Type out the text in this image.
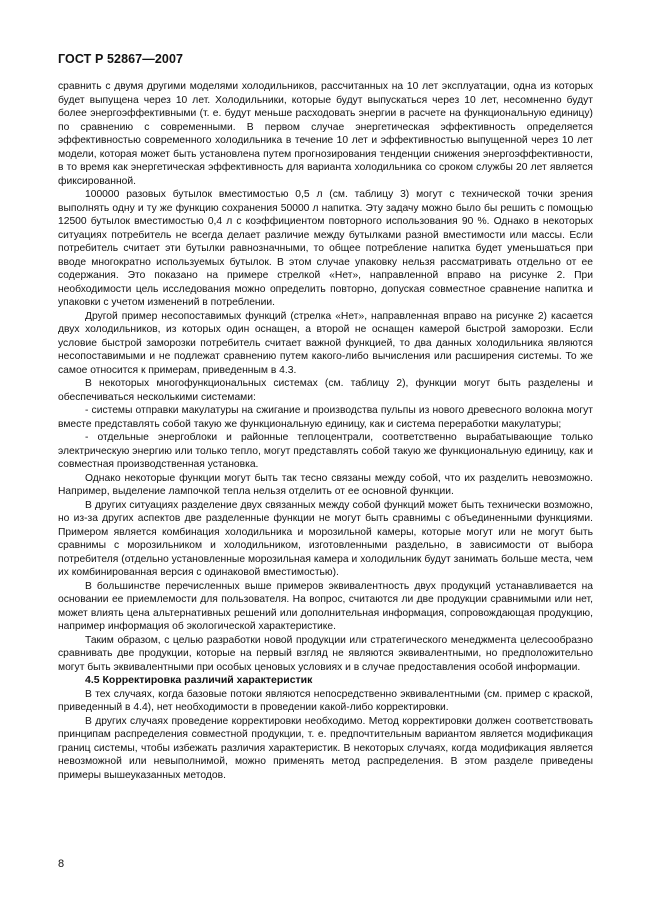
ГОСТ Р 52867—2007

сравнить с двумя другими моделями холодильников, рассчитанных на 10 лет эксплуатации, одна из которых будет выпущена через 10 лет. Холодильники, которые будут выпускаться через 10 лет, несомненно будут более энергоэффективными (т. е. будут меньше расходовать энергии в расчете на функциональную единицу) по сравнению с современными. В первом случае энергетическая эффективность определяется эффективностью современного холодильника в течение 10 лет и эффективностью выпущенной через 10 лет модели, которая может быть установлена путем прогнозирования тенденции снижения энергоэффективности, в то время как энергетическая эффективность для варианта холодильника со сроком службы 20 лет является фиксированной.

100000 разовых бутылок вместимостью 0,5 л (см. таблицу 3) могут с технической точки зрения выполнять одну и ту же функцию сохранения 50000 л напитка. Эту задачу можно было бы решить с помощью 12500 бутылок вместимостью 0,4 л с коэффициентом повторного использования 90 %. Однако в некоторых ситуациях потребитель не всегда делает различие между бутылками разной вместимости или массы. Если потребитель считает эти бутылки равнозначными, то общее потребление напитка будет уменьшаться при вводе многократно используемых бутылок. В этом случае упаковку нельзя рассматривать отдельно от ее содержания. Это показано на примере стрелкой «Нет», направленной вправо на рисунке 2. При необходимости цель исследования можно определить повторно, допуская совместное сравнение напитка и упаковки с учетом изменений в потреблении.

Другой пример несопоставимых функций (стрелка «Нет», направленная вправо на рисунке 2) касается двух холодильников, из которых один оснащен, а второй не оснащен камерой быстрой заморозки. Если условие быстрой заморозки потребитель считает важной функцией, то два данных холодильника являются несопоставимыми и не подлежат сравнению путем какого-либо вычисления или расширения системы. То же самое относится к примерам, приведенным в 4.3.

В некоторых многофункциональных системах (см. таблицу 2), функции могут быть разделены и обеспечиваться несколькими системами:

- системы отправки макулатуры на сжигание и производства пульпы из нового древесного волокна могут вместе представлять собой такую же функциональную единицу, как и система переработки макулатуры;

- отдельные энергоблоки и районные теплоцентрали, соответственно вырабатывающие только электрическую энергию или только тепло, могут представлять собой такую же функциональную единицу, как и совместная производственная установка.

Однако некоторые функции могут быть так тесно связаны между собой, что их разделить невозможно. Например, выделение лампочкой тепла нельзя отделить от ее основной функции.

В других ситуациях разделение двух связанных между собой функций может быть технически возможно, но из-за других аспектов две разделенные функции не могут быть сравнимы с объединенными функциями. Примером является комбинация холодильника и морозильной камеры, которые могут или не могут быть сравнимы с морозильником и холодильником, изготовленными раздельно, в зависимости от выбора потребителя (отдельно установленные морозильная камера и холодильник будут занимать больше места, чем их комбинированная версия с одинаковой вместимостью).

В большинстве перечисленных выше примеров эквивалентность двух продукций устанавливается на основании ее приемлемости для пользователя. На вопрос, считаются ли две продукции сравнимыми или нет, может влиять цена альтернативных решений или дополнительная информация, сопровождающая продукцию, например информация об экологической характеристике.

Таким образом, с целью разработки новой продукции или стратегического менеджмента целесообразно сравнивать две продукции, которые на первый взгляд не являются эквивалентными, но предположительно могут быть эквивалентными при особых ценовых условиях и в случае предоставления особой информации.

4.5 Корректировка различий характеристик

В тех случаях, когда базовые потоки являются непосредственно эквивалентными (см. пример с краской, приведенный в 4.4), нет необходимости в проведении какой-либо корректировки.

В других случаях проведение корректировки необходимо. Метод корректировки должен соответствовать принципам распределения совместной продукции, т. е. предпочтительным вариантом является модификация границ системы, чтобы избежать различия характеристик. В некоторых случаях, когда модификация является невозможной или невыполнимой, можно применять метод распределения. В этом разделе приведены примеры вышеуказанных методов.

8
